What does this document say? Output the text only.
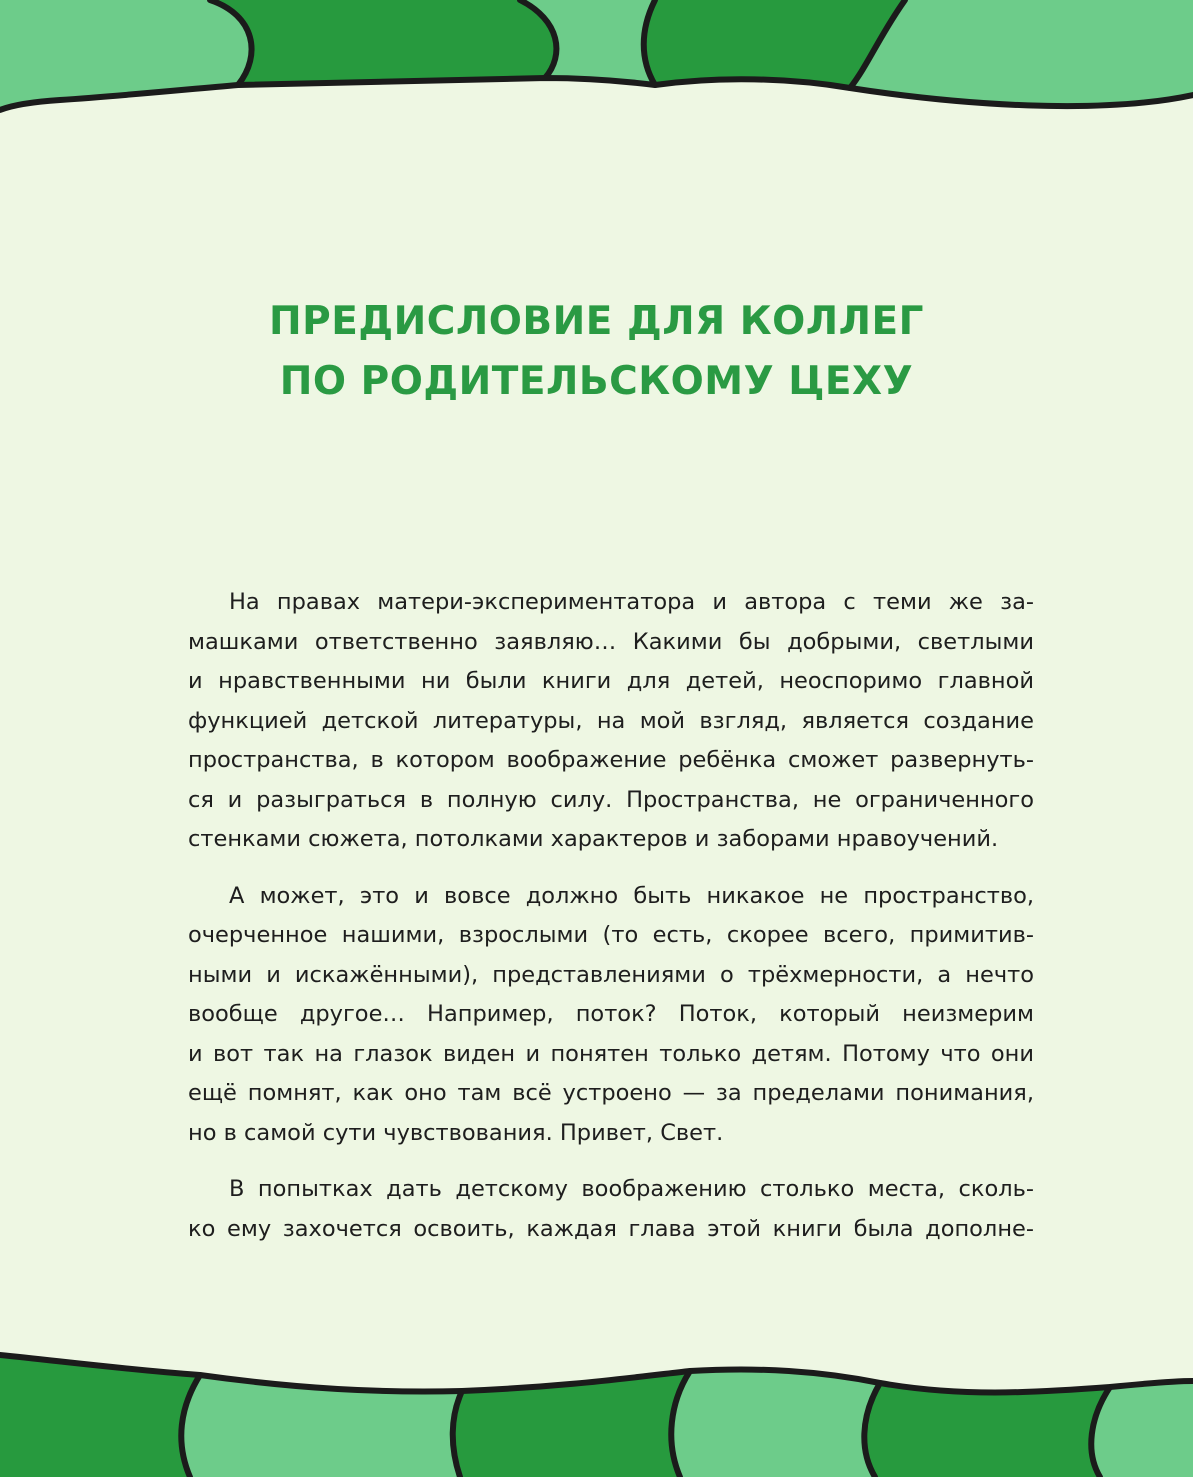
ПРЕДИСЛОВИЕ ДЛЯ КОЛЛЕГ
ПО РОДИТЕЛЬСКОМУ ЦЕХУ

На правах матери-экспериментатора и автора с теми же за-
машками ответственно заявляю… Какими бы добрыми, светлыми
и нравственными ни были книги для детей, неоспоримо главной
функцией детской литературы, на мой взгляд, является создание
пространства, в котором воображение ребёнка сможет развернуть-
ся и разыграться в полную силу. Пространства, не ограниченного
стенками сюжета, потолками характеров и заборами нравоучений.

А может, это и вовсе должно быть никакое не пространство,
очерченное нашими, взрослыми (то есть, скорее всего, примитив-
ными и искажёнными), представлениями о трёхмерности, а нечто
вообще другое… Например, поток? Поток, который неизмерим
и вот так на глазок виден и понятен только детям. Потому что они
ещё помнят, как оно там всё устроено — за пределами понимания,
но в самой сути чувствования. Привет, Свет.

В попытках дать детскому воображению столько места, сколь-
ко ему захочется освоить, каждая глава этой книги была дополне-
